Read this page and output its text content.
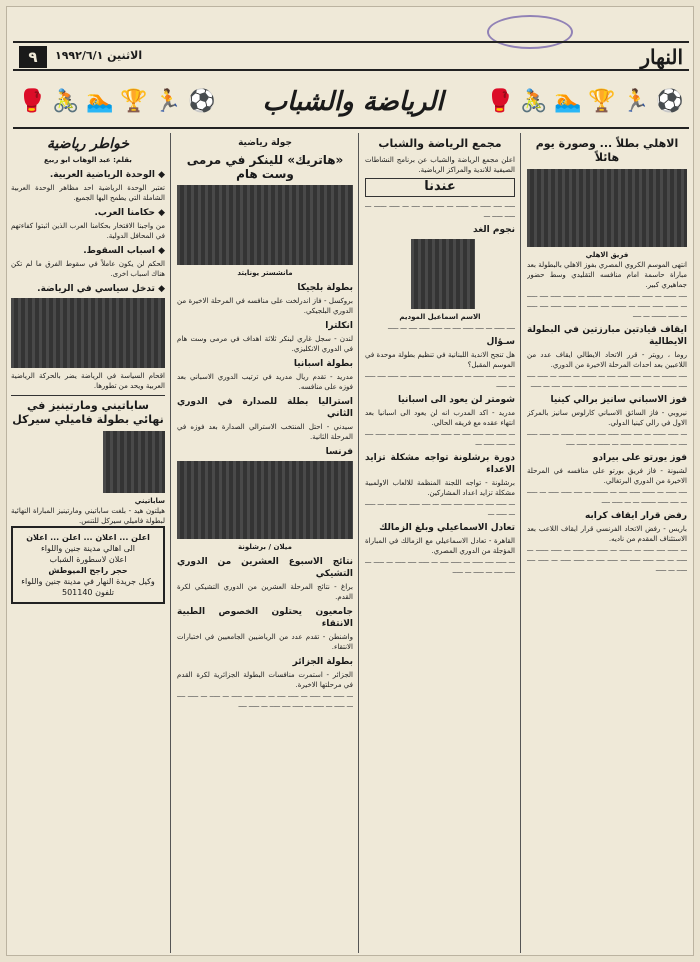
النهار
٩	الاثنين ١٩٩٢/٦/١
⚽
🏃
🏆
🏊
🚴
🥊
الرياضة والشباب
⚽
🏃
🏆
🏊
🚴
🥊
الاهلي بطلاً ... وصورة يوم هائلاً
فريق الاهلي

انتهى الموسم الكروي المصري بفوز الاهلي بالبطولة بعد مباراة حاسمة امام منافسه التقليدي وسط حضور جماهيري كبير.

ــــ ــــــ ـــ ـــــ ــــــ ـــــ ــــ ـــــــ ـــ ــــــ ـــــ ــــ ـــــ ـــ ــــــ ـــــ ــــــ ـــ ـــــــ ــــ ـــــ ـــ ــــــ ـــــ ــــ ـــــ ـــ ـــــ ـــــــ ـــ ــــ

ايقاف قيادتين مبارزتين في البطولة الايطالية

روما ، رويتر - قرر الاتحاد الايطالي ايقاف عدد من اللاعبين بعد احداث المرحلة الاخيرة من الدوري.

ــــ ـــــــ ـــ ــــ ـــــ ـــــ ــــ ـــ ـــــــ ـــ ــــــ ـــ ـــــ ــــ ــــ ـــــــ ـــ ـــــ ــــ ــــ ـــــ ــــ ـــ ــــــ ـــــ ــــ ـــ ـــــ

فوز الاسباني سانيز برالي كينيا

نيروبي - فاز السائق الاسباني كارلوس سانيز بالمركز الاول في رالي كينيا الدولي.

ـــ ـــــ ــــــ ـــ ــــ ـــــ ـــــ ــــ ـــ ـــــ ــــــ ـــ ـــــ ـــــ ــــ ـــ ـــــــ ـــ ـــــ ـــــ ـــ ــــــ ـــ ـــــ ــــ

فوز يورتو على بيرادو

لشبونة - فاز فريق بورتو على منافسه في المرحلة الاخيرة من الدوري البرتغالي.

ــــ ـــــ ـــ ــــــ ـــــ ــــ ـــ ـــــــ ـــ ــــ ـــــ ـــــ ـــ ـــــ ـــ ــــ ـــــ ـــــــ ـــ ـــ ـــــ ــــ

رفض قرار ايقاف كرابه

باريس - رفض الاتحاد الفرنسي قرار ايقاف اللاعب بعد الاستئناف المقدم من ناديه.

ـــ ـــــ ــــ ـــــ ـــ ــــــ ـــ ـــــ ــــ ـــــ ـــ ـــــ ــــــ ـــ ـــــ ـــ ــــ ـــــ ـــــ ـــ ـــــ ــــ ـــ ـــــ ـــــ ـــ ـــــ ــــ ـــــ ـــ ـــــ

مجمع الرياضة والشباب

اعلن مجمع الرياضة والشباب عن برنامج النشاطات الصيفية للاندية والمراكز الرياضية.

عندنا

ـــــ ــــ ـــــ ـــ ــــــ ـــ ــــ ـــــ ــــ ـــ ـــــ ــــــ ـــ ـــــ ـــــ ـــ

نجوم الغد
الاسم اسماعيل الموديم

ــــ ـــــ ـــ ــــ ـــــ ــــ ـــ ـــــ ـــــ ــــ ـــ ـــــ

سـؤال

هل تنجح الاندية اللبنانية في تنظيم بطولة موحدة في الموسم المقبل؟

ـــ ــــ ـــــ ـــــ ـــ ــــ ـــــ ـــ ــــ ــــــ ـــ ـــــ ــــ ـــــ ـــ ـــــ

شومتر لن يعود الى اسبانيا

مدريد - اكد المدرب انه لن يعود الى اسبانيا بعد انتهاء عقده مع فريقه الحالي.

ـــ ـــــ ــــ ـــــ ــــ ـــ ـــــ ــــ ـــــ ـــ ـــــ ـــ ـــــ ــــ ـــ ـــــ ـــــ ـــ

دورة برشلونة تواجه مشكلة تزايد الاعداء

برشلونة - تواجه اللجنة المنظمة للالعاب الاولمبية مشكلة تزايد اعداد المشاركين.

ـــ ـــــ ــــ ـــ ـــــ ــــ ـــــ ـــ ــــ ـــــ ــــ ـــــ ـــ ـــــ ـــ ـــــ ـــ

تعادل الاسماعيلي وبلغ الزمالك

القاهرة - تعادل الاسماعيلي مع الزمالك في المباراة المؤجلة من الدوري المصري.

ـــ ـــــ ــــ ـــــ ـــ ـــــ ــــ ـــ ـــــ ــــ ـــــ ـــ ـــــ ـــ ـــــ ــــ ـــ ـــــ ـــ ـــــ

جولة رياضية
«هاتريك» للينكر في مرمى وست هام
مانشستر يونايتد
بطولة بلجيكا

بروكسل - فاز اندرلخت على منافسه في المرحلة الاخيرة من الدوري البلجيكي.

انكلترا

لندن - سجل غاري لينكر ثلاثة اهداف في مرمى وست هام في الدوري الانكليزي.

بطولة اسبانيا

مدريد - تقدم ريال مدريد في ترتيب الدوري الاسباني بعد فوزه على منافسه.

استراليا بطلة للصدارة في الدوري الثاني

سيدني - احتل المنتخب الاسترالي الصدارة بعد فوزه في المرحلة الثانية.

فرنسا
ميلان / برشلونة
نتائج الاسبوع العشرين من الدوري التشيكي

براغ - نتائج المرحلة العشرين من الدوري التشيكي لكرة القدم.

جامعيون يحتلون الخصوص الطبية الانتقاء

واشنطن - تقدم عدد من الرياضيين الجامعيين في اختبارات الانتقاء.

بطولة الجزائر

الجزائر - استمرت منافسات البطولة الجزائرية لكرة القدم في مرحلتها الاخيرة.

ـــ ـــــ ــــ ـــــ ـــ ـــــ ــــ ـــ ـــــ ــــ ـــــ ـــ ـــــ ـــ ـــــ ــــ ـــ ـــــ ـــ ـــــ ـــ ـــــ ــــ ـــــ ـــ ـــــ ــــ

خواطر رياضية
بقلم: عبد الوهاب ابو ربيع
◆ الوحدة الرياضية العربية.

تعتبر الوحدة الرياضية احد مظاهر الوحدة العربية الشاملة التي يطمح اليها الجميع.

◆ حكامنا العرب.

من واجبنا الافتخار بحكامنا العرب الذين اثبتوا كفاءتهم في المحافل الدولية.

◆ اسباب السقوط.

الحكم لن يكون عاملاً في سقوط الفرق ما لم تكن هناك اسباب اخرى.

◆ تدخل سياسي في الرياضة.

اقحام السياسة في الرياضة يضر بالحركة الرياضية العربية ويحد من تطورها.

ساباتيني ومارتينيز في نهائي بطولة فاميلي سيركل
ساباتيني

هيلتون هيد - بلغت ساباتيني ومارتينيز المباراة النهائية لبطولة فاميلي سيركل للتنس.

اعلن ... اعلان ... اعلن ... اعلان
الى اهالي مدينة جنين واللواء
اعلان لاسطورة الشباب
حجر راجح الميوطش
وكيل جريدة النهار في مدينة جنين واللواء
تلفون 501140
